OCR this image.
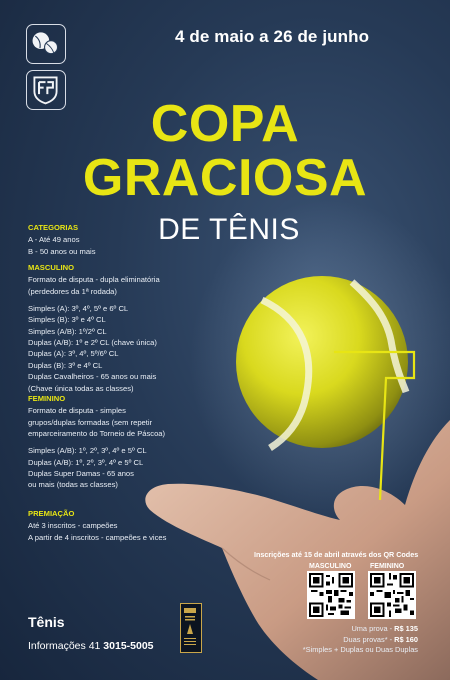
4 de maio a 26 de junho
COPA
GRACIOSA
DE TÊNIS
CATEGORIAS
A - Até 49 anos
B - 50 anos ou mais
MASCULINO
Formato de disputa - dupla eliminatória
(perdedores da 1ª rodada)
Simples (A): 3º, 4º, 5º e 6º CL
Simples (B): 3º e 4º CL
Simples (A/B): 1º/2º CL
Duplas (A/B): 1º e 2º CL (chave única)
Duplas (A): 3º, 4º, 5º/6º CL
Duplas (B): 3º e 4º CL
Duplas Cavalheiros - 65 anos ou mais
(Chave única todas as classes)
FEMININO
Formato de disputa - simples
grupos/duplas formadas (sem repetir
emparceiramento do Torneio de Páscoa)
Simples (A/B): 1º, 2º, 3º, 4º e 5º CL
Duplas (A/B): 1º, 2º, 3º, 4º e 5º CL
Duplas Super Damas - 65 anos
ou mais (todas as classes)
PREMIAÇÃO
Até 3 inscritos - campeões
A partir de 4 inscritos - campeões e vices
Inscrições até 15 de abril através dos QR Codes
MASCULINO	FEMININO
Uma prova - R$ 135
Duas provas* - R$ 160
*Simples + Duplas ou Duas Duplas
Tênis
Informações 41 3015-5005
